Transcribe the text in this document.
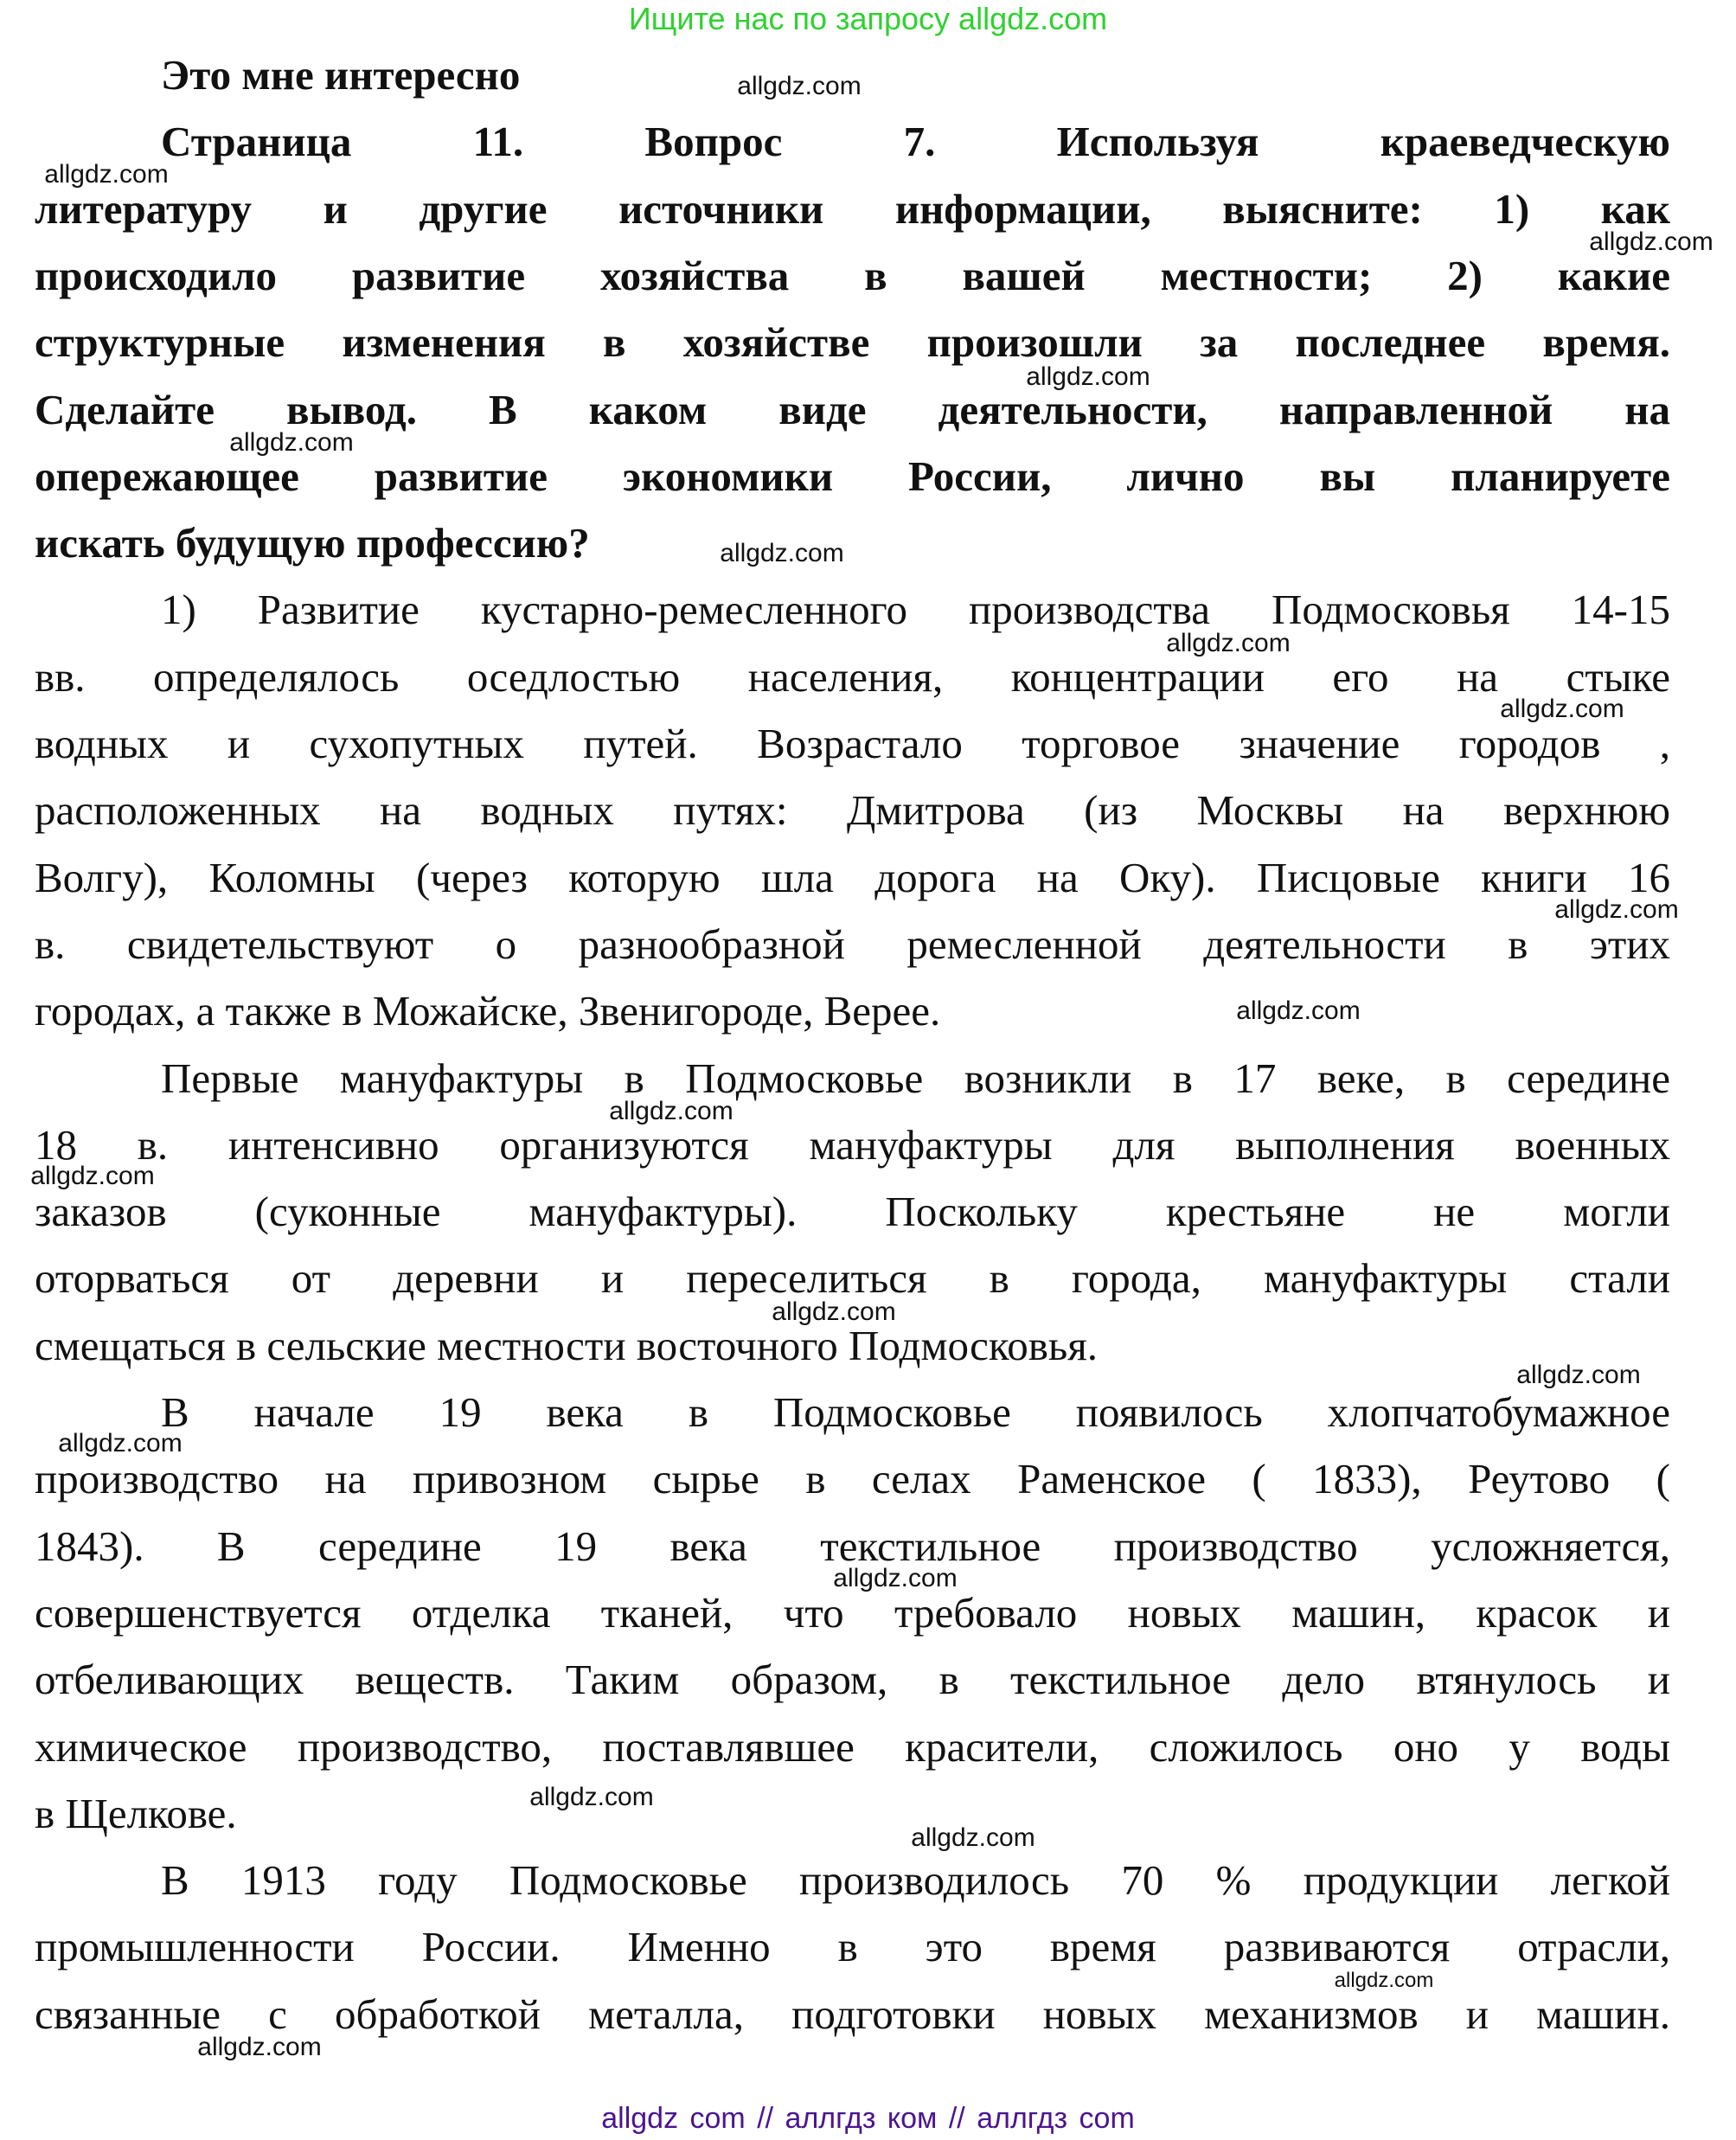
Ищите нас по запросу allgdz.com
Это мне интересно
Страница 11. Вопрос 7. Используя краеведческую
литературу и другие источники информации, выясните: 1) как
происходило развитие хозяйства в вашей местности; 2) какие
структурные изменения в хозяйстве произошли за последнее время.
Сделайте вывод. В каком виде деятельности, направленной на
опережающее развитие экономики России, лично вы планируете
искать будущую профессию?
1) Развитие кустарно-ремесленного производства Подмосковья 14-15
вв. определялось оседлостью населения, концентрации его на стыке
водных и сухопутных путей. Возрастало торговое значение городов ,
расположенных на водных путях: Дмитрова (из Москвы на верхнюю
Волгу), Коломны (через которую шла дорога на Оку). Писцовые книги 16
в. свидетельствуют о разнообразной ремесленной деятельности в этих
городах, а также в Можайске, Звенигороде, Верее.
Первые мануфактуры в Подмосковье возникли в 17 веке, в середине
18 в. интенсивно организуются мануфактуры для выполнения военных
заказов (суконные мануфактуры). Поскольку крестьяне не могли
оторваться от деревни и переселиться в города, мануфактуры стали
смещаться в сельские местности восточного Подмосковья.
В начале 19 века в Подмосковье появилось хлопчатобумажное
производство на привозном сырье в селах Раменское ( 1833), Реутово (
1843). В середине 19 века текстильное производство усложняется,
совершенствуется отделка тканей, что требовало новых машин, красок и
отбеливающих веществ. Таким образом, в текстильное дело втянулось и
химическое производство, поставлявшее красители, сложилось оно у воды
в Щелкове.
В 1913 году Подмосковье производилось 70 % продукции легкой
промышленности России. Именно в это время развиваются отрасли,
связанные с обработкой металла, подготовки новых механизмов и машин.
allgdz.com
allgdz.com
allgdz.com
allgdz.com
allgdz.com
allgdz.com
allgdz.com
allgdz.com
allgdz.com
allgdz.com
allgdz.com
allgdz.com
allgdz.com
allgdz.com
allgdz.com
allgdz.com
allgdz.com
allgdz.com
allgdz.com
allgdz.com
allgdz com // аллгдз ком // аллгдз com
